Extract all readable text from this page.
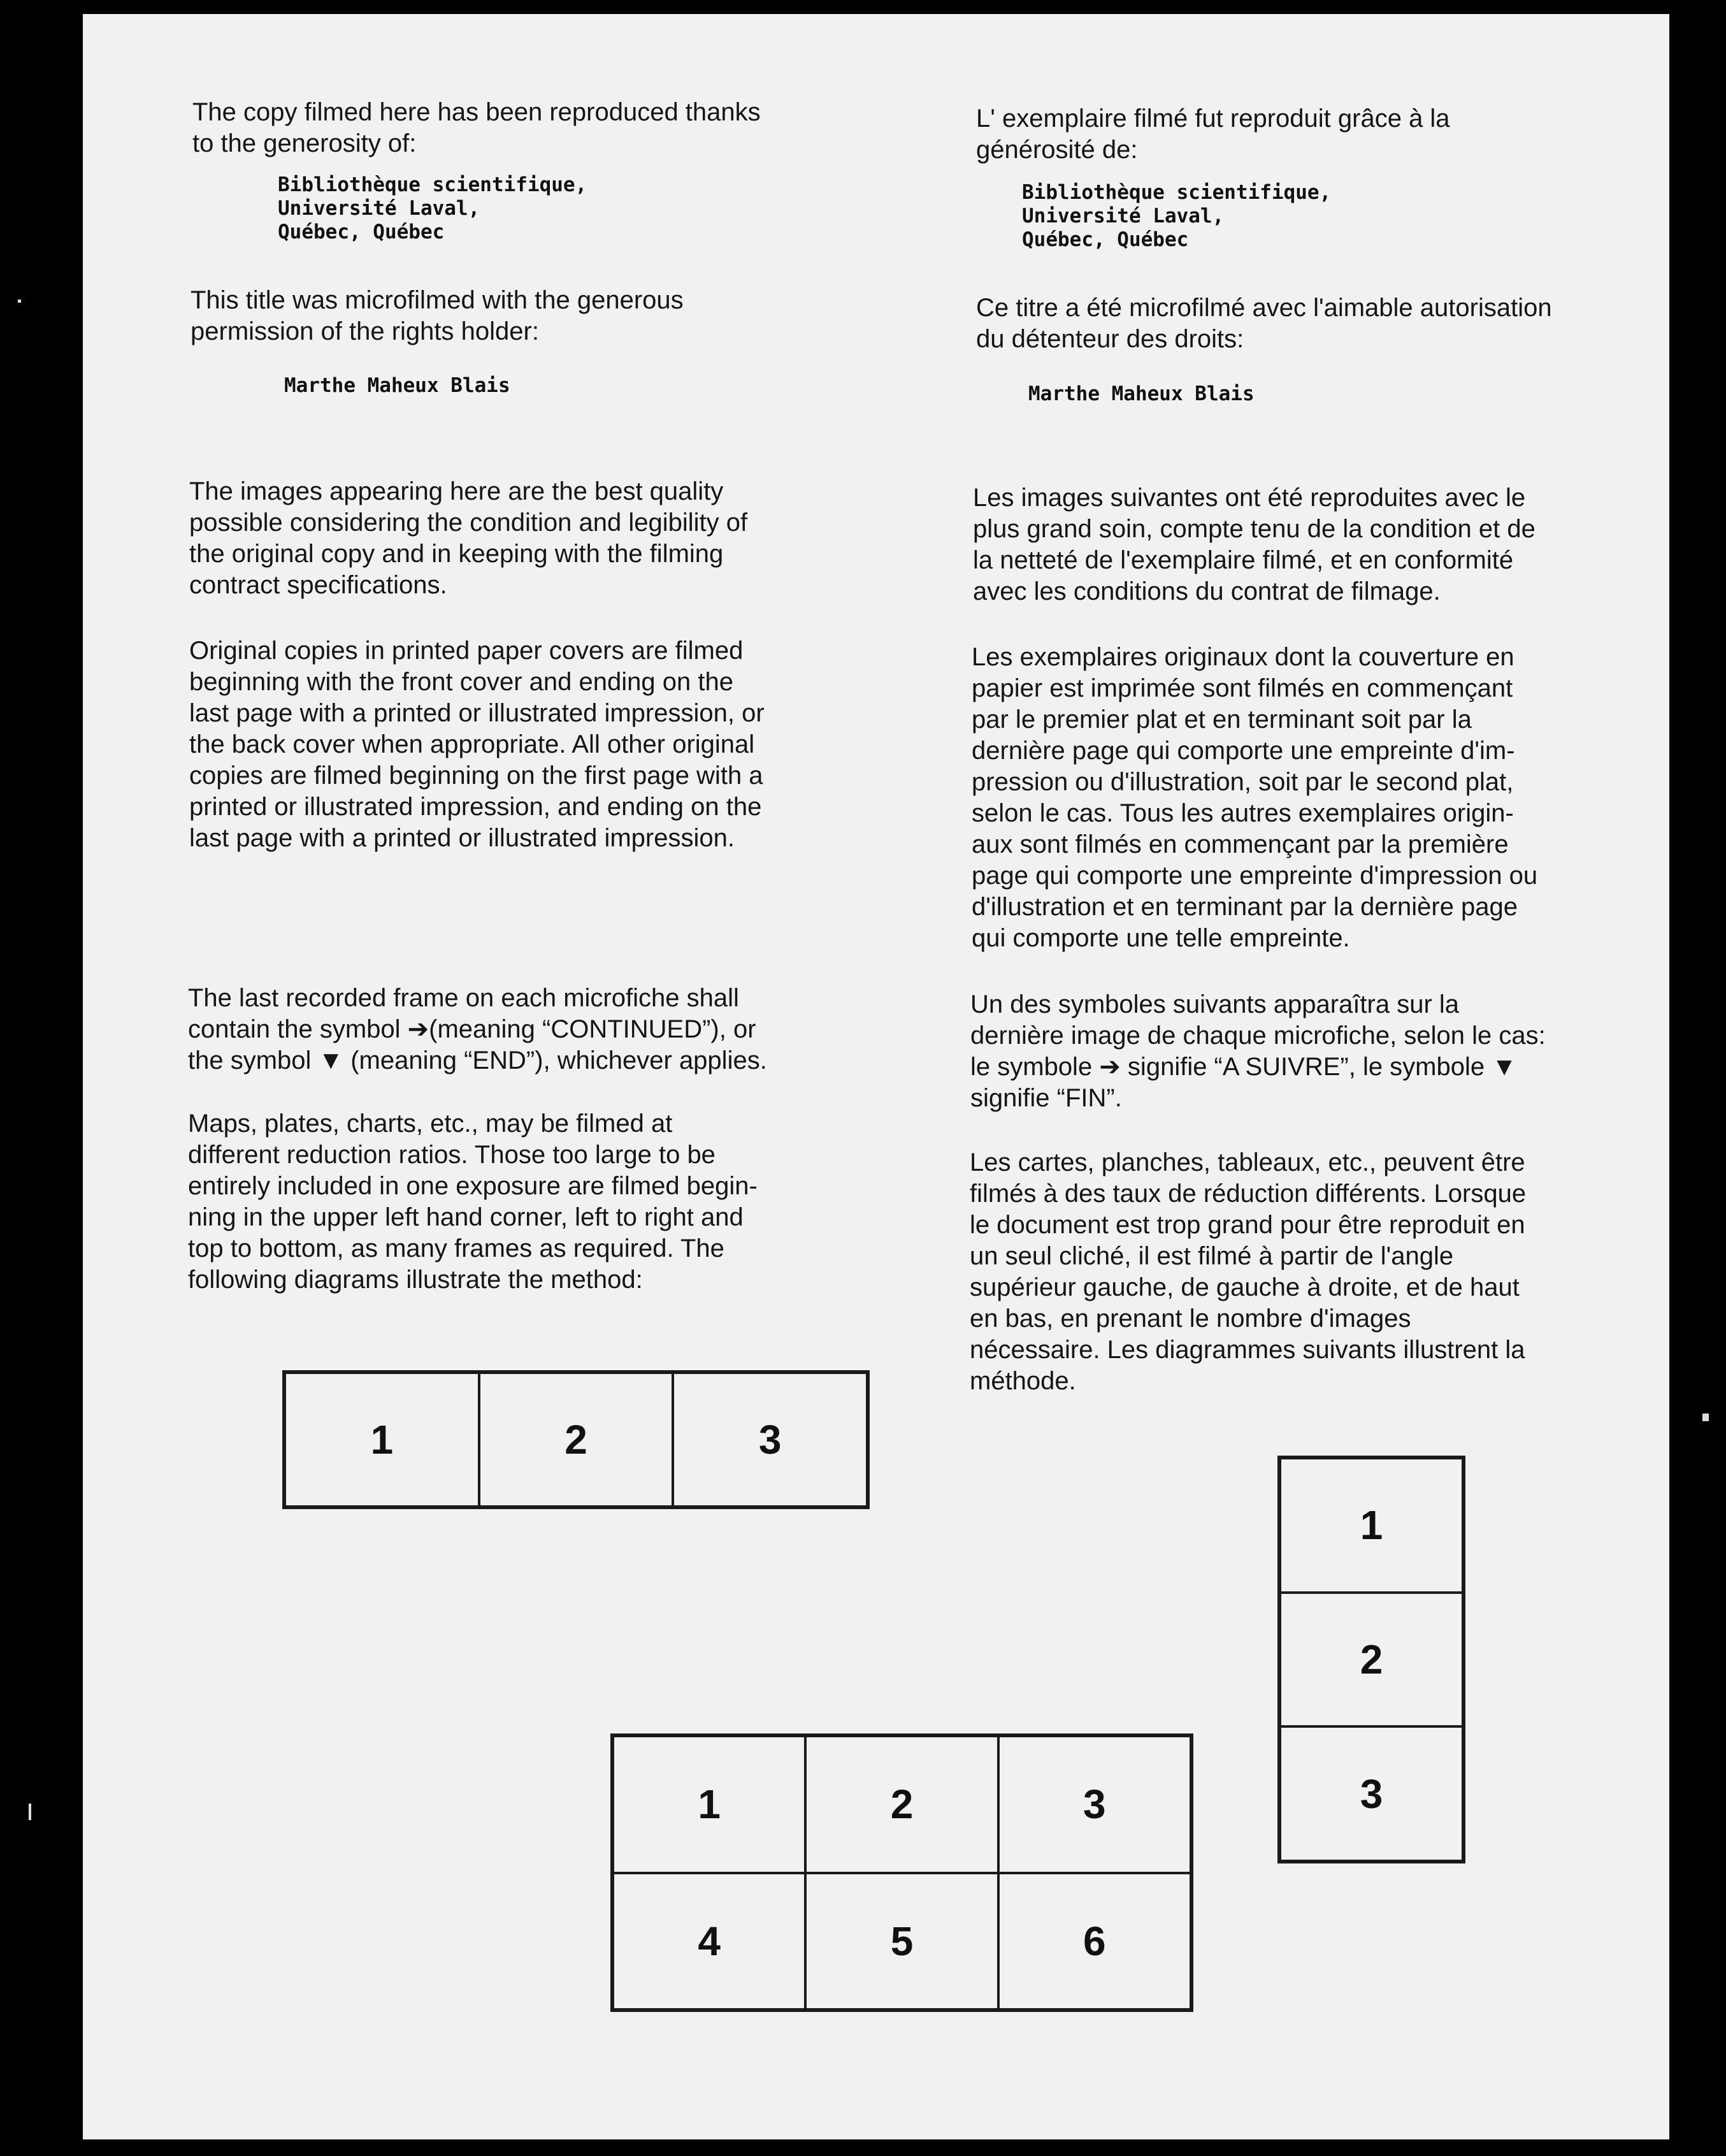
The copy filmed here has been reproduced thanks
to the generosity of:

Bibliothèque scientifique,
Université Laval,
Québec, Québec

This title was microfilmed with the generous
permission of the rights holder:

Marthe Maheux Blais

The images appearing here are the best quality
possible considering the condition and legibility of
the original copy and in keeping with the filming
contract specifications.

Original copies in printed paper covers are filmed
beginning with the front cover and ending on the
last page with a printed or illustrated impression, or
the back cover when appropriate. All other original
copies are filmed beginning on the first page with a
printed or illustrated impression, and ending on the
last page with a printed or illustrated impression.

The last recorded frame on each microfiche shall
contain the symbol ➔(meaning “CONTINUED”), or
the symbol ▼ (meaning “END”), whichever applies.

Maps, plates, charts, etc., may be filmed at
different reduction ratios. Those too large to be
entirely included in one exposure are filmed begin-
ning in the upper left hand corner, left to right and
top to bottom, as many frames as required. The
following diagrams illustrate the method:

L' exemplaire filmé fut reproduit grâce à la
générosité de:

Bibliothèque scientifique,
Université Laval,
Québec, Québec

Ce titre a été microfilmé avec l'aimable autorisation
du détenteur des droits:

Marthe Maheux Blais

Les images suivantes ont été reproduites avec le
plus grand soin, compte tenu de la condition et de
la netteté de l'exemplaire filmé, et en conformité
avec les conditions du contrat de filmage.

Les exemplaires originaux dont la couverture en
papier est imprimée sont filmés en commençant
par le premier plat et en terminant soit par la
dernière page qui comporte une empreinte d'im-
pression ou d'illustration, soit par le second plat,
selon le cas. Tous les autres exemplaires origin-
aux sont filmés en commençant par la première
page qui comporte une empreinte d'impression ou
d'illustration et en terminant par la dernière page
qui comporte une telle empreinte.

Un des symboles suivants apparaîtra sur la
dernière image de chaque microfiche, selon le cas:
le symbole ➔ signifie “A SUIVRE”, le symbole ▼
signifie “FIN”.

Les cartes, planches, tableaux, etc., peuvent être
filmés à des taux de réduction différents. Lorsque
le document est trop grand pour être reproduit en
un seul cliché, il est filmé à partir de l'angle
supérieur gauche, de gauche à droite, et de haut
en bas, en prenant le nombre d'images
nécessaire. Les diagrammes suivants illustrent la
méthode.

1	2	3
1
2
3
1	2	3
4	5	6
